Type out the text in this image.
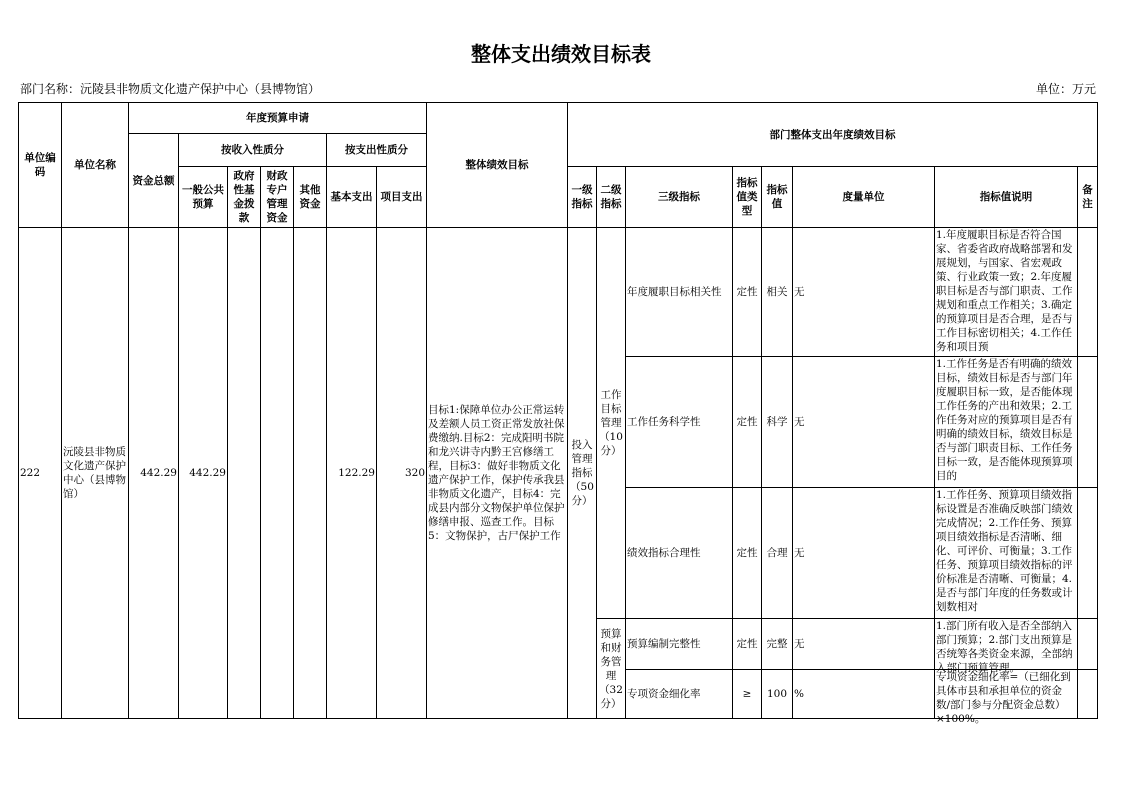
整体支出绩效目标表
部门名称：沅陵县非物质文化遗产保护中心（县博物馆）	单位：万元
单位编码	单位名称	年度预算申请							整体绩效目标	部门整体支出年度绩效目标							
		资金总额	按收入性质分				按支出性质分										
			一般公共预算	政府性基金拨款	财政专户管理资金	其他资金	基本支出	项目支出		一级指标	二级指标	三级指标	指标值类型	指标值	度量单位	指标值说明	备注
222	沅陵县非物质文化遗产保护中心（县博物馆）	442.29	442.29				122.29	320	目标1:保障单位办公正常运转及差额人员工资正常发放社保费缴纳.目标2：完成阳明书院和龙兴讲寺内黔王宫修缮工程，目标3：做好非物质文化遗产保护工作，保护传承我县非物质文化遗产，目标4：完成县内部分文物保护单位保护修缮申报、巡查工作。目标5：文物保护，古尸保护工作	投入管理指标（50分）	工作目标管理（10分）	年度履职目标相关性	定性	相关	无	1.年度履职目标是否符合国家、省委省政府战略部署和发展规划，与国家、省宏观政策、行业政策一致；2.年度履职目标是否与部门职责、工作规划和重点工作相关；3.确定的预算项目是否合理，是否与工作目标密切相关；4.工作任务和项目预	

												工作任务科学性	定性	科学	无	1.工作任务是否有明确的绩效目标，绩效目标是否与部门年度履职目标一致，是否能体现工作任务的产出和效果；2.工作任务对应的预算项目是否有明确的绩效目标，绩效目标是否与部门职责目标、工作任务目标一致，是否能体现预算项目的	

												绩效指标合理性	定性	合理	无	1.工作任务、预算项目绩效指标设置是否准确反映部门绩效完成情况；2.工作任务、预算项目绩效指标是否清晰、细化、可评价、可衡量；3.工作任务、预算项目绩效指标的评价标准是否清晰、可衡量；4.是否与部门年度的任务数或计划数相对	

											预算和财务管理（32分）	预算编制完整性	定性	完整	无	1.部门所有收入是否全部纳入部门预算；2.部门支出预算是否统筹各类资金来源，全部纳入部门预算管理。	

												专项资金细化率	≥	100	%	专项资金细化率=（已细化到具体市县和承担单位的资金数/部门参与分配资金总数）×100%。	
